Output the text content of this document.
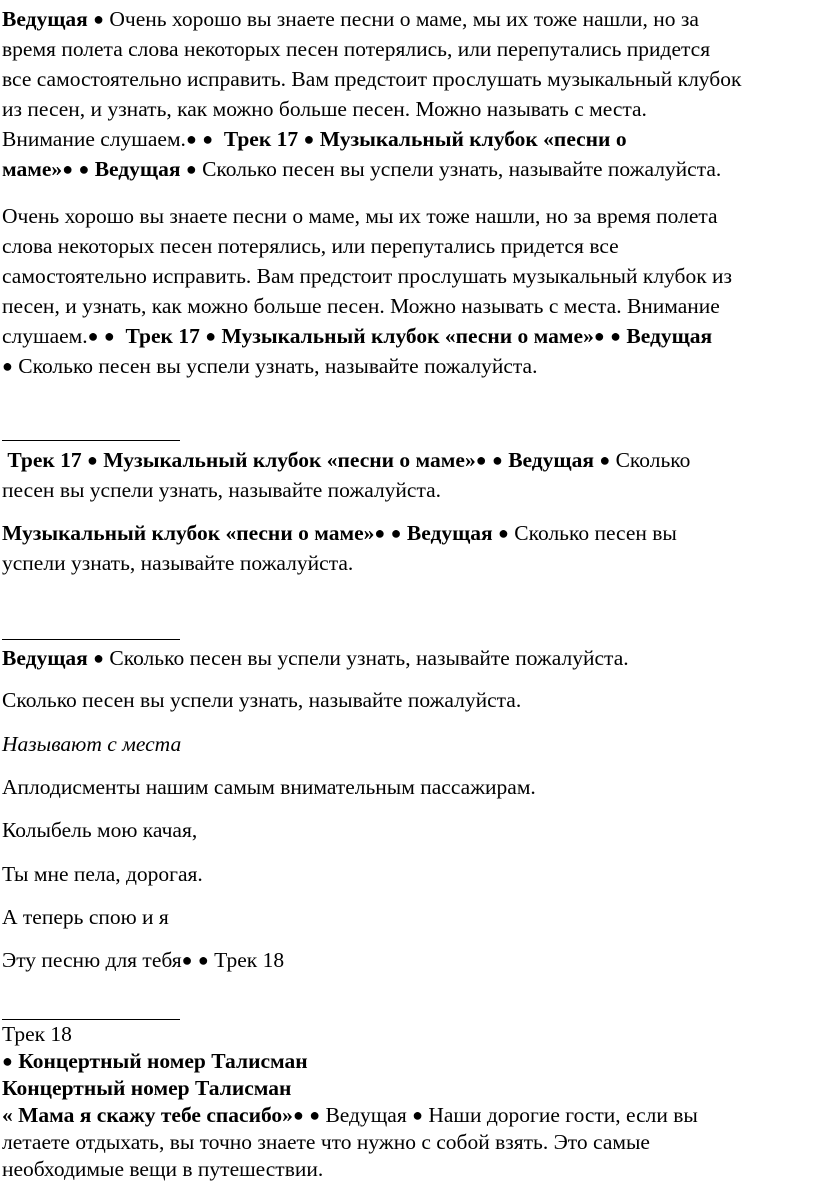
Ведущая ● Очень хорошо вы знаете песни о маме, мы их тоже нашли, но за
время полета слова некоторых песен потерялись, или перепутались придется
все самостоятельно исправить. Вам предстоит прослушать музыкальный клубок
из песен, и узнать, как можно больше песен. Можно называть с места.
Внимание слушаем.● ● Трек 17 ● Музыкальный клубок «песни о
маме»● ● Ведущая ● Сколько песен вы успели узнать, называйте пожалуйста.
Очень хорошо вы знаете песни о маме, мы их тоже нашли, но за время полета
слова некоторых песен потерялись, или перепутались придется все
самостоятельно исправить. Вам предстоит прослушать музыкальный клубок из
песен, и узнать, как можно больше песен. Можно называть с места. Внимание
слушаем.● ● Трек 17 ● Музыкальный клубок «песни о маме»● ● Ведущая
● Сколько песен вы успели узнать, называйте пожалуйста.
Трек 17 ● Музыкальный клубок «песни о маме»● ● Ведущая ● Сколько
песен вы успели узнать, называйте пожалуйста.
Музыкальный клубок «песни о маме»● ● Ведущая ● Сколько песен вы
успели узнать, называйте пожалуйста.
Ведущая ● Сколько песен вы успели узнать, называйте пожалуйста.
Сколько песен вы успели узнать, называйте пожалуйста.
Называют с места
Аплодисменты нашим самым внимательным пассажирам.
Колыбель мою качая,
Ты мне пела, дорогая.
А теперь спою и я
Эту песню для тебя● ● Трек 18
Трек 18
● Концертный номер Талисман
Концертный номер Талисман
« Мама я скажу тебе спасибо»● ● Ведущая ● Наши дорогие гости, если вы
летаете отдыхать, вы точно знаете что нужно с собой взять. Это самые
необходимые вещи в путешествии.
